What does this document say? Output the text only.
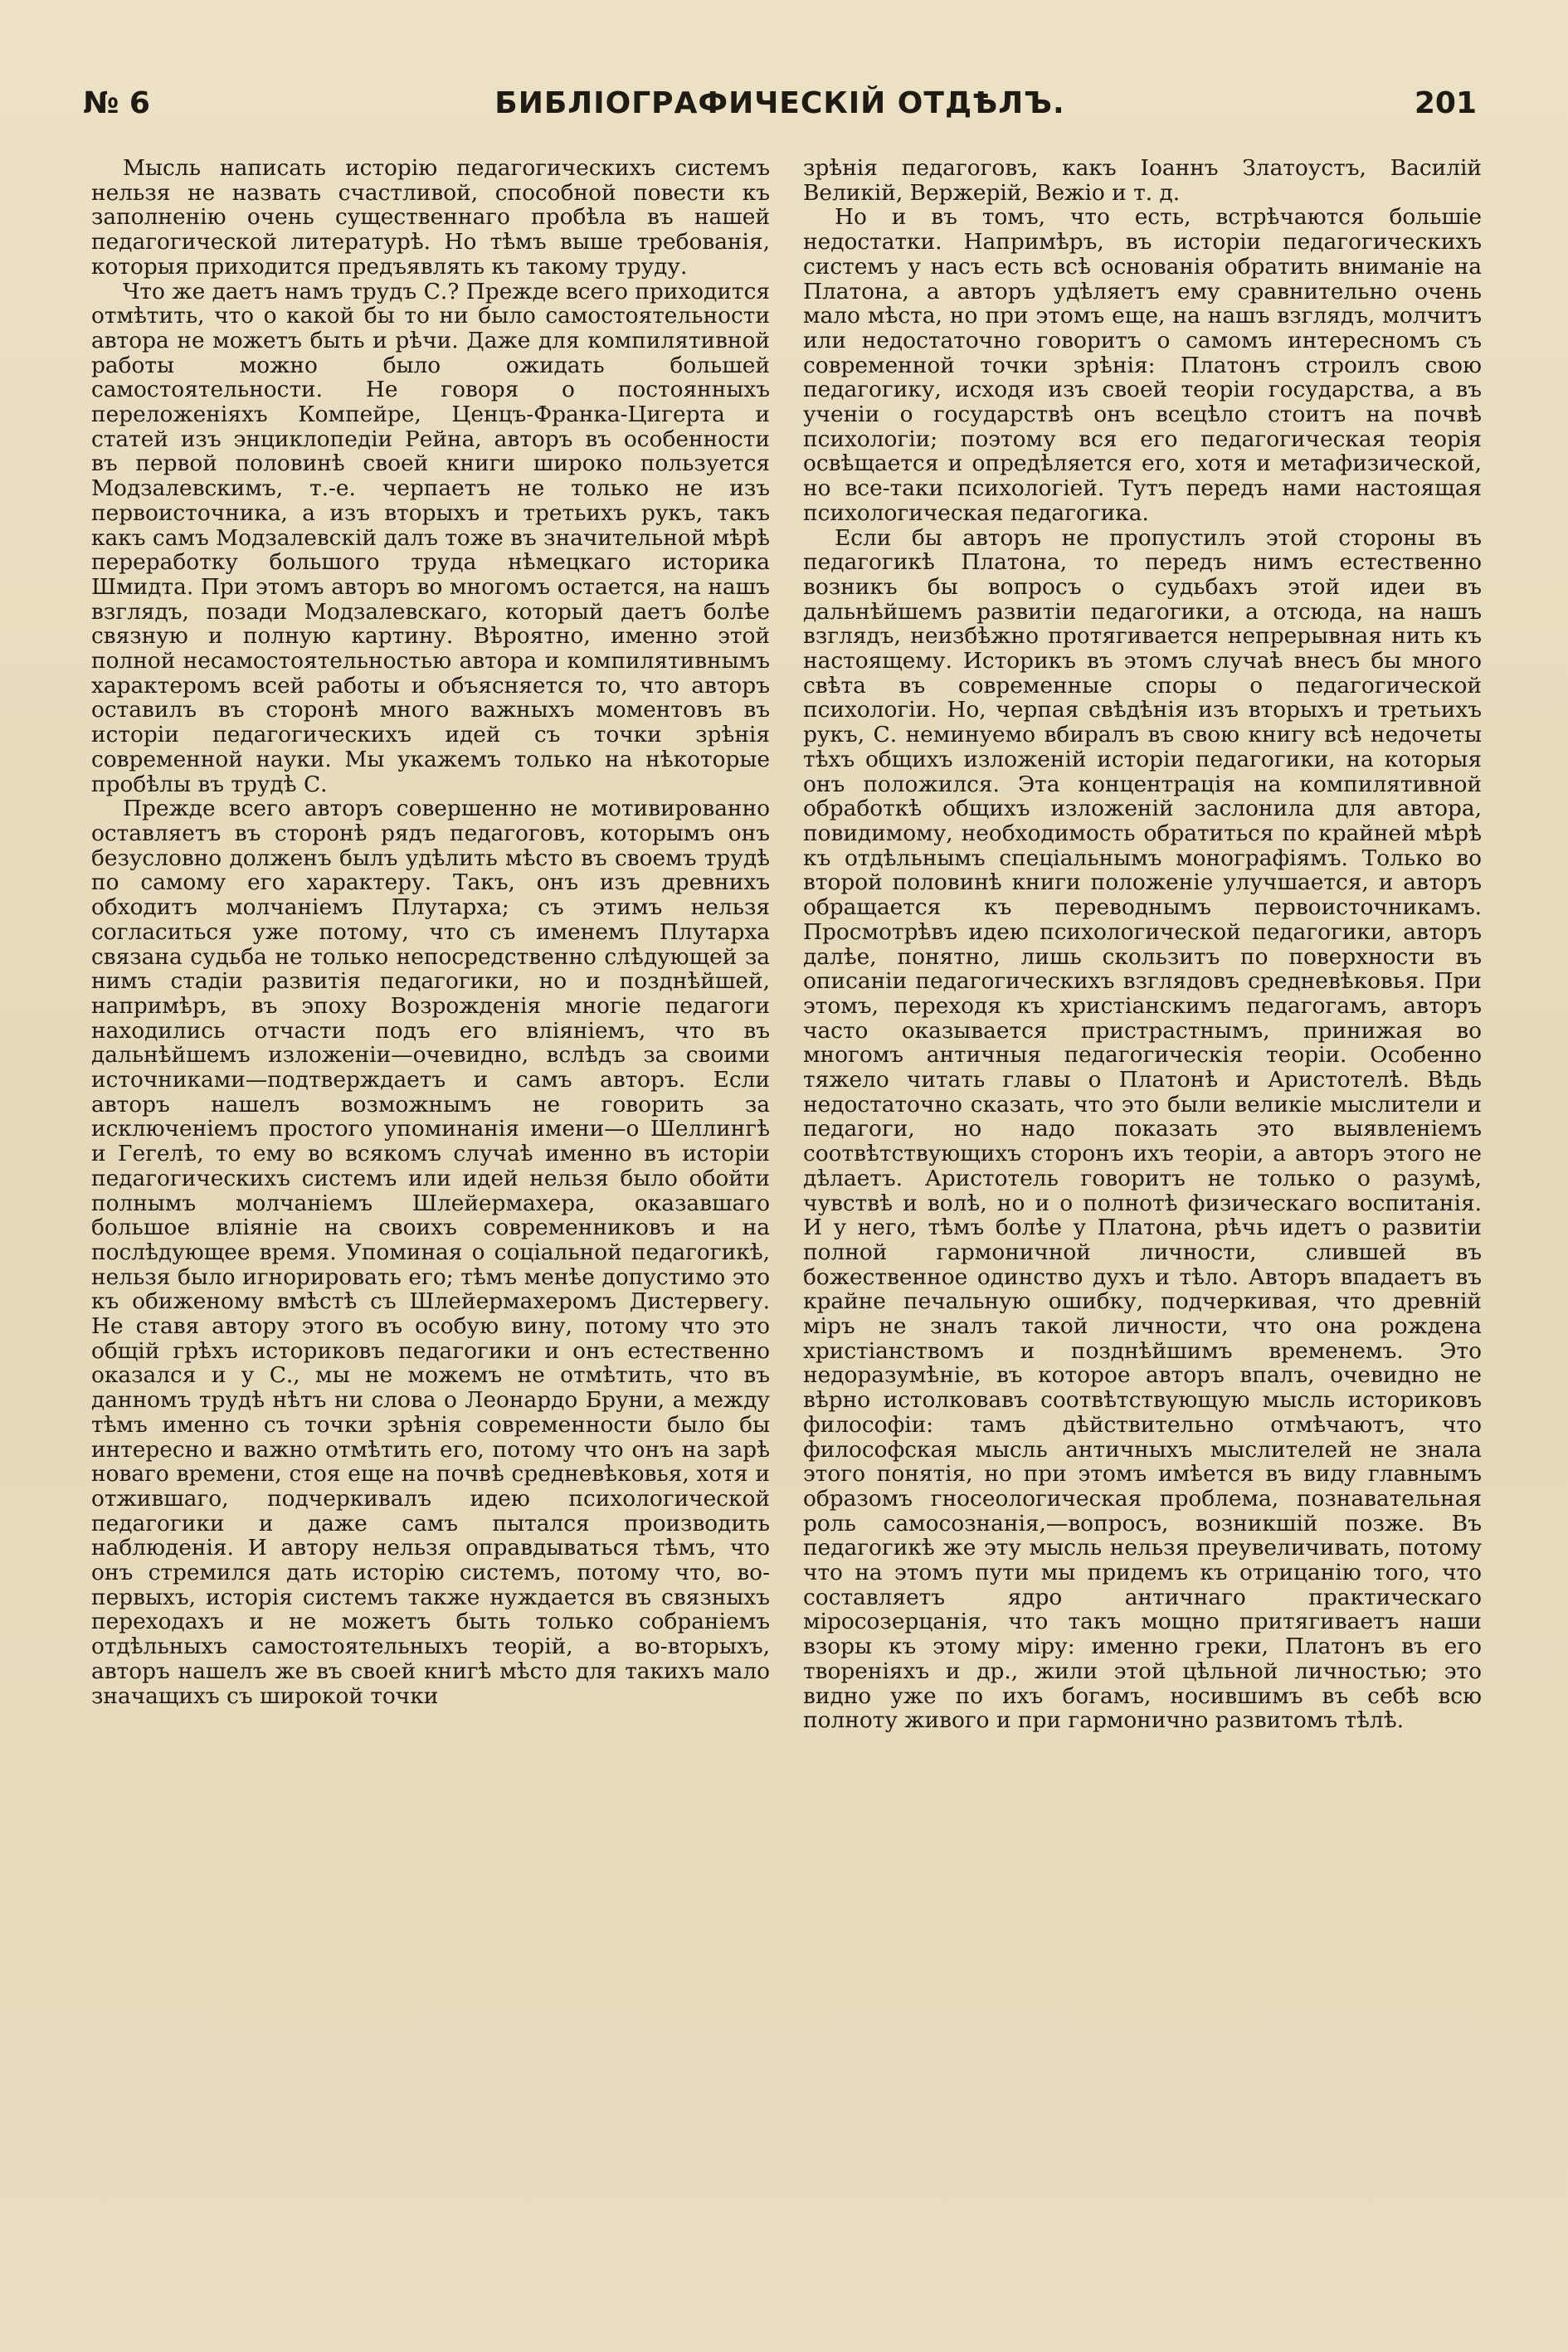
№ 6	БИБЛІОГРАФИЧЕСКІЙ ОТДѢЛЪ.	201

Мысль написать исторію педагогическихъ системъ нельзя не назвать счастливой, способной повести къ заполненію очень существеннаго пробѣла въ нашей педагогической литературѣ. Но тѣмъ выше требованія, которыя приходится предъявлять къ такому труду.

Что же даетъ намъ трудъ С.? Прежде всего приходится отмѣтить, что о какой бы то ни было самостоятельности автора не можетъ быть и рѣчи. Даже для компилятивной работы можно было ожидать большей самостоятельности. Не говоря о постоянныхъ переложеніяхъ Компейре, Ценцъ-Франка-Цигерта и статей изъ энциклопедіи Рейна, авторъ въ особенности въ первой половинѣ своей книги широко пользуется Модзалевскимъ, т.-е. черпаетъ не только не изъ первоисточника, а изъ вторыхъ и третьихъ рукъ, такъ какъ самъ Модзалевскій далъ тоже въ значительной мѣрѣ переработку большого труда нѣмецкаго историка Шмидта. При этомъ авторъ во многомъ остается, на нашъ взглядъ, позади Модзалевскаго, который даетъ болѣе связную и полную картину. Вѣроятно, именно этой полной несамостоятельностью автора и компилятивнымъ характеромъ всей работы и объясняется то, что авторъ оставилъ въ сторонѣ много важныхъ моментовъ въ исторіи педагогическихъ идей съ точки зрѣнія современной науки. Мы укажемъ только на нѣкоторые пробѣлы въ трудѣ С.

Прежде всего авторъ совершенно не мотивированно оставляетъ въ сторонѣ рядъ педагоговъ, которымъ онъ безусловно долженъ былъ удѣлить мѣсто въ своемъ трудѣ по самому его характеру. Такъ, онъ изъ древнихъ обходитъ молчаніемъ Плутарха; съ этимъ нельзя согласиться уже потому, что съ именемъ Плутарха связана судьба не только непосредственно слѣдующей за нимъ стадіи развитія педагогики, но и позднѣйшей, напримѣръ, въ эпоху Возрожденія многіе педагоги находились отчасти подъ его вліяніемъ, что въ дальнѣйшемъ изложеніи—очевидно, вслѣдъ за своими источниками—подтверждаетъ и самъ авторъ. Если авторъ нашелъ возможнымъ не говорить за исключеніемъ простого упоминанія имени—о Шеллингѣ и Гегелѣ, то ему во всякомъ случаѣ именно въ исторіи педагогическихъ системъ или идей нельзя было обойти полнымъ молчаніемъ Шлейермахера, оказавшаго большое вліяніе на своихъ современниковъ и на послѣдующее время. Упоминая о соціальной педагогикѣ, нельзя было игнорировать его; тѣмъ менѣе допустимо это къ обиженому вмѣстѣ съ Шлейермахеромъ Дистервегу. Не ставя автору этого въ особую вину, потому что это общій грѣхъ историковъ педагогики и онъ естественно оказался и у С., мы не можемъ не отмѣтить, что въ данномъ трудѣ нѣтъ ни слова о Леонардо Бруни, а между тѣмъ именно съ точки зрѣнія современности было бы интересно и важно отмѣтить его, потому что онъ на зарѣ новаго времени, стоя еще на почвѣ средневѣковья, хотя и отжившаго, подчеркивалъ идею психологической педагогики и даже самъ пытался производить наблюденія. И автору нельзя оправдываться тѣмъ, что онъ стремился дать исторію системъ, потому что, во-первыхъ, исторія системъ также нуждается въ связныхъ переходахъ и не можетъ быть только собраніемъ отдѣльныхъ самостоятельныхъ теорій, а во-вторыхъ, авторъ нашелъ же въ своей книгѣ мѣсто для такихъ мало значащихъ съ широкой точки

зрѣнія педагоговъ, какъ Іоаннъ Златоустъ, Василій Великій, Вержерій, Вежіо и т. д.

Но и въ томъ, что есть, встрѣчаются большіе недостатки. Напримѣръ, въ исторіи педагогическихъ системъ у насъ есть всѣ основанія обратить вниманіе на Платона, а авторъ удѣляетъ ему сравнительно очень мало мѣста, но при этомъ еще, на нашъ взглядъ, молчитъ или недостаточно говоритъ о самомъ интересномъ съ современной точки зрѣнія: Платонъ строилъ свою педагогику, исходя изъ своей теоріи государства, а въ ученіи о государствѣ онъ всецѣло стоитъ на почвѣ психологіи; поэтому вся его педагогическая теорія освѣщается и опредѣляется его, хотя и метафизической, но все-таки психологіей. Тутъ передъ нами настоящая психологическая педагогика.

Если бы авторъ не пропустилъ этой стороны въ педагогикѣ Платона, то передъ нимъ естественно возникъ бы вопросъ о судьбахъ этой идеи въ дальнѣйшемъ развитіи педагогики, а отсюда, на нашъ взглядъ, неизбѣжно протягивается непрерывная нить къ настоящему. Историкъ въ этомъ случаѣ внесъ бы много свѣта въ современные споры о педагогической психологіи. Но, черпая свѣдѣнія изъ вторыхъ и третьихъ рукъ, С. неминуемо вбиралъ въ свою книгу всѣ недочеты тѣхъ общихъ изложеній исторіи педагогики, на которыя онъ положился. Эта концентрація на компилятивной обработкѣ общихъ изложеній заслонила для автора, повидимому, необходимость обратиться по крайней мѣрѣ къ отдѣльнымъ спеціальнымъ монографіямъ. Только во второй половинѣ книги положеніе улучшается, и авторъ обращается къ переводнымъ первоисточникамъ. Просмотрѣвъ идею психологической педагогики, авторъ далѣе, понятно, лишь скользитъ по поверхности въ описаніи педагогическихъ взглядовъ средневѣковья. При этомъ, переходя къ христіанскимъ педагогамъ, авторъ часто оказывается пристрастнымъ, принижая во многомъ античныя педагогическія теоріи. Особенно тяжело читать главы о Платонѣ и Аристотелѣ. Вѣдь недостаточно сказать, что это были великіе мыслители и педагоги, но надо показать это выявленіемъ соотвѣтствующихъ сторонъ ихъ теоріи, а авторъ этого не дѣлаетъ. Аристотель говоритъ не только о разумѣ, чувствѣ и волѣ, но и о полнотѣ физическаго воспитанія. И у него, тѣмъ болѣе у Платона, рѣчь идетъ о развитіи полной гармоничной личности, слившей въ божественное одинство духъ и тѣло. Авторъ впадаетъ въ крайне печальную ошибку, подчеркивая, что древній міръ не зналъ такой личности, что она рождена христіанствомъ и позднѣйшимъ временемъ. Это недоразумѣніе, въ которое авторъ впалъ, очевидно не вѣрно истолковавъ соотвѣтствующую мысль историковъ философіи: тамъ дѣйствительно отмѣчаютъ, что философская мысль античныхъ мыслителей не знала этого понятія, но при этомъ имѣется въ виду главнымъ образомъ гносеологическая проблема, познавательная роль самосознанія,—вопросъ, возникшій позже. Въ педагогикѣ же эту мысль нельзя преувеличивать, потому что на этомъ пути мы придемъ къ отрицанію того, что составляетъ ядро античнаго практическаго міросозерцанія, что такъ мощно притягиваетъ наши взоры къ этому міру: именно греки, Платонъ въ его твореніяхъ и др., жили этой цѣльной личностью; это видно уже по ихъ богамъ, носившимъ въ себѣ всю полноту живого и при гармонично развитомъ тѣлѣ.
